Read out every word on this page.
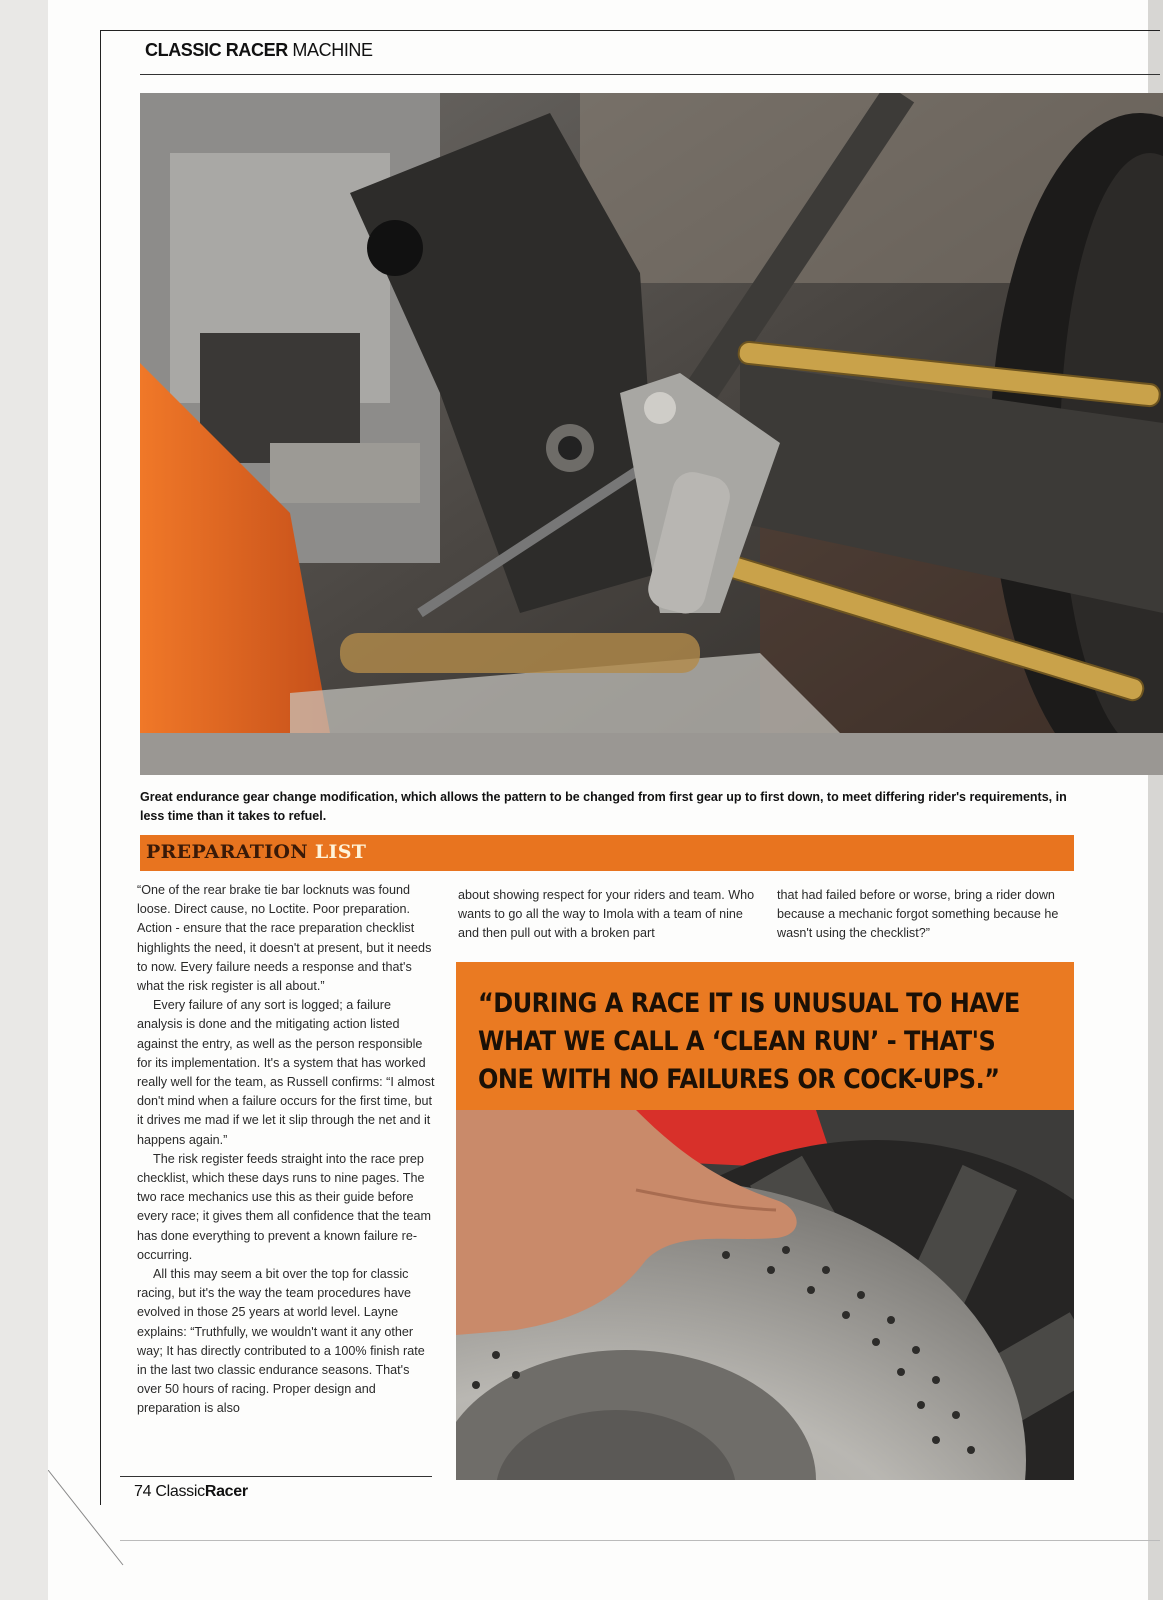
CLASSIC RACER MACHINE
Great endurance gear change modification, which allows the pattern to be changed from first gear up to first down, to meet differing rider's requirements, in less time than it takes to refuel.
PREPARATION LIST

“One of the rear brake tie bar locknuts was found loose. Direct cause, no Loctite. Poor preparation. Action - ensure that the race preparation checklist highlights the need, it doesn't at present, but it needs to now. Every failure needs a response and that's what the risk register is all about.”

Every failure of any sort is logged; a failure analysis is done and the mitigating action listed against the entry, as well as the person responsible for its implementation. It's a system that has worked really well for the team, as Russell confirms: “I almost don't mind when a failure occurs for the first time, but it drives me mad if we let it slip through the net and it happens again.”

The risk register feeds straight into the race prep checklist, which these days runs to nine pages. The two race mechanics use this as their guide before every race; it gives them all confidence that the team has done everything to prevent a known failure re-occurring.

All this may seem a bit over the top for classic racing, but it's the way the team procedures have evolved in those 25 years at world level. Layne explains: “Truthfully, we wouldn't want it any other way; It has directly contributed to a 100% finish rate in the last two classic endurance seasons. That's over 50 hours of racing. Proper design and preparation is also

about showing respect for your riders and team. Who wants to go all the way to Imola with a team of nine and then pull out with a broken part

that had failed before or worse, bring a rider down because a mechanic forgot something because he wasn't using the checklist?”

“DURING A RACE IT IS UNUSUAL TO HAVE WHAT WE CALL A ‘CLEAN RUN’ - THAT'S ONE WITH NO FAILURES OR COCK-UPS.”
74 ClassicRacer
